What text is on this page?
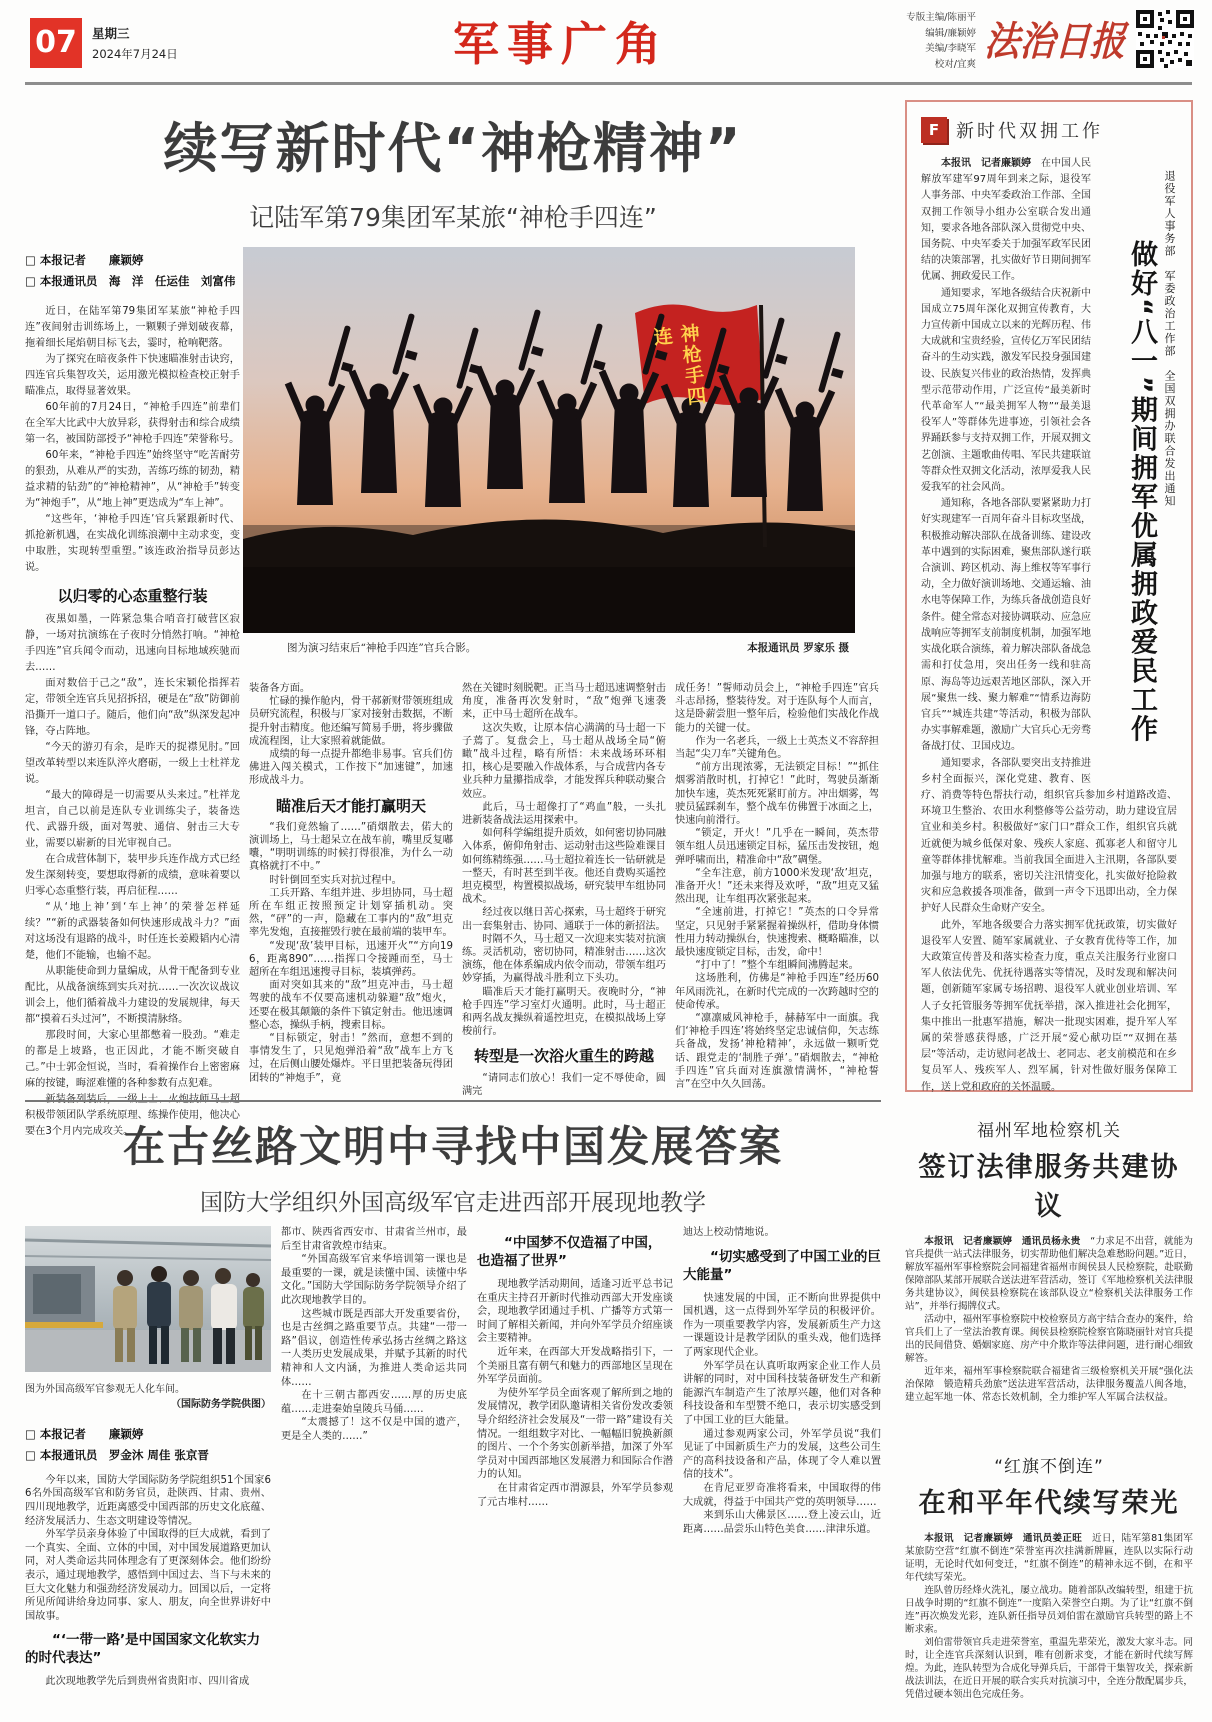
07	星期三
2024年7月24日	军事广角	专版主编/陈丽平

编辑/廉颖婷

美编/李晓军

校对/宜爽 法治日报
续写新时代“神枪精神”
记陆军第79集团军某旅“神枪手四连”
神枪手四连
图为演习结束后“神枪手四连”官兵合影。	本报通讯员 罗家乐 摄
□ 本报记者　　廉颖婷
□ 本报通讯员　海　洋　任运佳　刘富伟

近日，在陆军第79集团军某旅“神枪手四连”夜间射击训练场上，一颗颗子弹划破夜幕，拖着细长尾焰朝目标飞去，霎时，枪响靶落。

为了探究在暗夜条件下快速瞄准射击诀窍，四连官兵集智攻关，运用激光模拟检查校正射手瞄准点，取得显著效果。

60年前的7月24日，“神枪手四连”前辈们在全军大比武中大放异彩，获得射击和综合成绩第一名，被国防部授予“神枪手四连”荣誉称号。

60年来，“神枪手四连”始终坚守“吃苦耐劳的狠劲，从难从严的实劲，苦练巧练的韧劲，精益求精的钻劲”的“神枪精神”，从“神枪手”转变为“神炮手”，从“地上神”更迭成为“车上神”。

“这些年，‘神枪手四连’官兵紧跟新时代、抓抢新机遇，在实战化训练浪潮中主动求变，变中取胜，实现转型重塑。”该连政治指导员彭达说。

以归零的心态重整行装

夜黑如墨，一阵紧急集合哨音打破营区寂静，一场对抗演练在子夜时分悄然打响。“神枪手四连”官兵闻令而动，迅速向目标地域疾驰而去……

面对数倍于己之“敌”，连长宋颖伦指挥若定，带领全连官兵见招拆招，硬是在“敌”防御前沿撕开一道口子。随后，他们向“敌”纵深发起冲锋，夺占阵地。

“今天的游刃有余，是昨天的捉襟见肘。”回望改革转型以来连队淬火磨砺，一级上士杜祥龙说。

“最大的障碍是一切需要从头来过。”杜祥龙坦言，自己以前是连队专业训练尖子，装备迭代、武器升级，面对驾驶、通信、射击三大专业，需要以崭新的目光审视自己。

在合成营体制下，装甲步兵连作战方式已经发生深刻转变，要想取得新的成绩，意味着要以归零心态重整行装，再启征程……

“从‘地上神’到‘车上神’的荣誉怎样延续？”“新的武器装备如何快速形成战斗力？”面对这场没有退路的战斗，时任连长姜殿韬内心清楚，他们不能输，也输不起。

从职能使命到力量编成，从骨干配备到专业配比，从战备演练到实兵对抗……一次次议战议训会上，他们循着战斗力建设的发展规律，每天都“摸着石头过河”，不断摸清脉络。

那段时间，大家心里都憋着一股劲。“难走的都是上坡路，也正因此，才能不断突破自己。”中士郭金恒说，当时，看着操作台上密密麻麻的按键，晦涩难懂的各种参数有点犯难。

积极带领团队学系统原理、练操作使用，他决心要在3个月内完成攻关。

装备各方面。

忙碌的操作舱内，骨干郝新财带领班组成员研究流程，积极与厂家对接射击数据，不断提升射击精度。他还编写简易手册，将步骤做成流程图，让大家照着就能做。

成绩的每一点提升都绝非易事。官兵们仿佛进入闯关模式，工作按下“加速键”，加速形成战斗力。

瞄准后天才能打赢明天

“我们竟然输了……”硝烟散去，偌大的演训场上，马士超呆立在战车前，嘴里反复嘟囔，“明明训练的时候打得很准，为什么一动真格就打不中。”

时针倒回至实兵对抗过程中。

工兵开路、车组并进、步坦协同，马士超所在车组正按照预定计划穿插机动。突然，“砰”的一声，隐藏在工事内的“敌”坦克率先发炮，直接摧毁行驶在最前端的装甲车。

“发现‘敌’装甲目标，迅速开火”“方向196，距离890”……指挥口令接踵而至，马士超所在车组迅速搜寻目标，装填弹药。

面对突如其来的“敌”坦克冲击，马士超驾驶的战车不仅要高速机动躲避“敌”炮火，还要在极其颠簸的条件下镇定射击。他迅速调整心态，操纵手柄，搜索目标。

“目标锁定，射击！”然而，意想不到的事情发生了，只见炮弹沿着“敌”战车上方飞过，在后侧山腰处爆炸。平日里把装备玩得团团转的“神炮手”，竟

然在关键时刻脱靶。正当马士超迅速调整射击角度，准备再次发射时，“敌”炮弹飞速袭来，正中马士超所在战车。

这次失败，让原本信心满满的马士超一下子蔫了。复盘会上，马士超从战场全局“俯瞰”战斗过程，略有所悟：未来战场环环相扣，核心是要融入作战体系，与合成营内各专业兵种力量攥指成拳，才能发挥兵种联动聚合效应。

此后，马士超像打了“鸡血”般，一头扎进新装备战法运用探索中。

如何科学编组提升质效，如何密切协同融入体系，俯仰角射击、运动射击这些险难课目如何练精练强……马士超拉着连长一钻研就是一整天，有时甚至到半夜。他还自费购买遥控坦克模型，构置模拟战场，研究装甲车组协同战术。

经过夜以继日苦心探索，马士超终于研究出一套集射击、协同、通联于一体的新招法。

时隔不久，马士超又一次迎来实装对抗演练。灵活机动，密切协同，精准射击……这次演练，他在体系编成内依令而动，带领车组巧妙穿插，为赢得战斗胜利立下头功。

瞄准后天才能打赢明天。夜晚时分，“神枪手四连”学习室灯火通明。此时，马士超正和两名战友操纵着遥控坦克，在模拟战场上穿梭前行。

转型是一次浴火重生的跨越

“请同志们放心！我们一定不辱使命，圆满完

成任务！”誓师动员会上，“神枪手四连”官兵斗志昂扬，整装待发。对于连队每个人而言，这是卧薪尝胆一整年后，检验他们实战化作战能力的关键一仗。

作为一名老兵，一级上士英杰义不容辞担当起“尖刀车”关键角色。

“前方出现浓雾，无法锁定目标！”“抓住烟雾消散时机，打掉它！”此时，驾驶员渐渐加快车速，英杰死死紧盯前方。冲出烟雾，驾驶员猛踩刹车，整个战车仿佛置于冰面之上，快速向前滑行。

“锁定，开火！”几乎在一瞬间，英杰带领车组人员迅速锁定目标，猛压击发按钮，炮弹呼啸而出，精准命中“敌”碉堡。

“全车注意，前方1000米发现‘敌’坦克，准备开火！”还未来得及欢呼，“敌”坦克又猛然出现，让车组再次紧张起来。

“全速前进，打掉它！”英杰的口令异常坚定，只见射手紧紧握着操纵杆，借助身体惯性用力转动操纵台，快速搜索、概略瞄准，以最快速度锁定目标，击发，命中！

“打中了！”整个车组瞬间沸腾起来。

这场胜利，仿佛是“神枪手四连”经历60年风雨洗礼，在新时代完成的一次跨越时空的使命传承。

“凛凛威风神枪手，赫赫军中一面旗。我们‘神枪手四连’将始终坚定忠诚信仰，矢志练兵备战，发扬‘神枪精神’，永远做一颗听党话、跟党走的‘制胜子弹’。”硝烟散去，“神枪手四连”官兵面对连旗激情满怀，“神枪誓言”在空中久久回荡。

F 新时代双拥工作
退役军人事务部　军委政治工作部　全国双拥办联合发出通知
做好“八一”期间拥军优属拥政爱民工作

本报讯　记者廉颖婷　在中国人民解放军建军97周年到来之际，退役军人事务部、中央军委政治工作部、全国双拥工作领导小组办公室联合发出通知，要求各地各部队深入贯彻党中央、国务院、中央军委关于加强军政军民团结的决策部署，扎实做好节日期间拥军优属、拥政爱民工作。

通知要求，军地各级结合庆祝新中国成立75周年深化双拥宣传教育，大力宣传新中国成立以来的光辉历程、伟大成就和宝贵经验，宣传亿万军民团结奋斗的生动实践，激发军民投身强国建设、民族复兴伟业的政治热情，发挥典型示范带动作用，广泛宣传“最美新时代革命军人”“最美拥军人物”“最美退役军人”等群体先进事迹，引领社会各界踊跃参与支持双拥工作，开展双拥文艺创演、主题歌曲传唱、军民共建联谊等群众性双拥文化活动，浓厚爱我人民爱我军的社会风尚。

通知称，各地各部队要紧紧助力打好实现建军一百周年奋斗目标攻坚战，积极推动解决部队在战备训练、建设改革中遇到的实际困难，聚焦部队遂行联合演训、跨区机动、海上维权等军事行动，全力做好演训场地、交通运输、油水电等保障工作，为练兵备战创造良好条件。健全常态对接协调联动、应急应战响应等拥军支前制度机制，加强军地实战化联合演练，着力解决部队备战急需和打仗急用，突出任务一线和驻高原、海岛等边远艰苦地区部队，深入开展“聚焦一线、聚力解难”“情系边海防官兵”“城连共建”等活动，积极为部队办实事解难题，激励广大官兵心无旁骛备战打仗、卫国戍边。

通知要求，各部队要突出支持推进乡村全面振兴，深化党建、教育、医疗、消费等特色帮扶行动，组织官兵参加乡村道路改造、环境卫生整治、农田水利整修等公益劳动，助力建设宜居宜业和美乡村。积极做好“家门口”群众工作，组织官兵就近就便为城乡低保对象、残疾人家庭、孤寡老人和留守儿童等群体排忧解难。当前我国全面进入主汛期，各部队要加强与地方的联系，密切关注汛情变化，扎实做好抢险救灾和应急救援各项准备，做到一声令下迅即出动，全力保护好人民群众生命财产安全。

此外，军地各级要合力落实拥军优抚政策，切实做好退役军人安置、随军家属就业、子女教育优待等工作，加大政策宣传普及和落实检查力度，重点关注服务行业窗口军人依法优先、优抚待遇落实等情况，及时发现和解决问题，创新随军家属专场招聘、退役军人就业创业培训、军人子女托管服务等拥军优抚举措，深入推进社会化拥军，集中推出一批惠军措施，解决一批现实困难，提升军人军属的荣誉感获得感，广泛开展“爱心献功臣”“双拥在基层”等活动，走访慰问老战士、老同志、老支前模范和在乡复员军人、残疾军人、烈军属，针对性做好服务保障工作，送上党和政府的关怀温暖。

在古丝路文明中寻找中国发展答案
国防大学组织外国高级军官走进西部开展现地教学
图为外国高级军官参观无人化车间。
（国际防务学院供图）
□ 本报记者　　廉颖婷
□ 本报通讯员　罗金沐 周佳 张京晋

今年以来，国防大学国际防务学院组织51个国家66名外国高级军官和防务官员，赴陕西、甘肃、贵州、四川现地教学，近距离感受中国西部的历史文化底蕴、经济发展活力、生态文明建设等情况。

外军学员亲身体验了中国取得的巨大成就，看到了一个真实、全面、立体的中国，对中国发展道路更加认同，对人类命运共同体理念有了更深刻体会。他们纷纷表示，通过现地教学，感悟到中国过去、当下与未来的巨大文化魅力和强劲经济发展动力。回国以后，一定将所见所闻讲给身边同事、家人、朋友，向全世界讲好中国故事。

“‘一带一路’是中国国家文化软实力的时代表达”

此次现地教学先后到贵州省贵阳市、四川省成

都市、陕西省西安市、甘肃省兰州市，最后至甘肃省敦煌市结束。

“外国高级军官来华培训第一课也是最重要的一课，就是读懂中国、读懂中华文化。”国防大学国际防务学院领导介绍了此次现地教学目的。

这些城市既是西部大开发重要省份，也是古丝绸之路重要节点。共建“一带一路”倡议，创造性传承弘扬古丝绸之路这一人类历史发展成果，并赋予其新的时代精神和人文内涵，为推进人类命运共同体……

在十三朝古都西安……厚的历史底蕴……走进秦始皇陵兵马俑……

“太震撼了！这不仅是中国的遗产，更是全人类的……”

“中国梦不仅造福了中国，也造福了世界”

现地教学活动期间，适逢习近平总书记在重庆主持召开新时代推动西部大开发座谈会，现地教学团通过手机、广播等方式第一时间了解相关新闻，并向外军学员介绍座谈会主要精神。

近年来，在西部大开发战略指引下，一个美丽且富有朝气和魅力的西部地区呈现在外军学员面前。

为使外军学员全面客观了解所到之地的发展情况，教学团队邀请相关省份发改委领导介绍经济社会发展及“一带一路”建设有关情况。一组组数字对比、一幅幅旧貌换新颜的图片、一个个务实创新举措，加深了外军学员对中国西部地区发展潜力和国际合作潜力的认知。

在甘肃省定西市渭源县，外军学员参观了元古堆村……

迪达上校动情地说。

“切实感受到了中国工业的巨大能量”

快速发展的中国，正不断向世界提供中国机遇，这一点得到外军学员的积极评价。作为一项重要教学内容，发展新质生产力这一课题设计是教学团队的重头戏，他们选择了两家现代企业。

外军学员在认真听取两家企业工作人员讲解的同时，对中国科技装备研发生产和新能源汽车制造产生了浓厚兴趣，他们对各种科技设备和车型赞不绝口，表示切实感受到了中国工业的巨大能量。

通过参观两家公司，外军学员说“我们见证了中国新质生产力的发展，这些公司生产的高科技设备和产品，体现了令人难以置信的技术”。

在肯尼亚罗奇准将看来，中国取得的伟大成就，得益于中国共产党的英明领导……

来到乐山大佛景区……登上凌云山，近距离……品尝乐山特色美食……津津乐道。

福州军地检察机关
签订法律服务共建协议

本报讯　记者廉颖婷　通讯员杨永贵　“力求足不出营，就能为官兵提供一站式法律服务，切实帮助他们解决急难愁盼问题。”近日，解放军福州军事检察院会同福建省福州市闽侯县人民检察院，赴联勤保障部队某部开展联合送法进军营活动，签订《军地检察机关法律服务共建协议》，闽侯县检察院在该部队设立“检察机关法律服务工作站”，并举行揭牌仪式。

活动中，福州军事检察院中校检察员方高宇结合查办的案件，给官兵们上了一堂法治教育课。闽侯县检察院检察官陈晓丽针对官兵提出的民间借贷、婚姻家庭、房产中介欺诈等法律问题，进行耐心细致解答。

近年来，福州军事检察院联合福建省三级检察机关开展“强化法治保障　锻造精兵劲旅”送法进军营活动，法律服务覆盖八闽各地，建立起军地一体、常态长效机制，全力维护军人军属合法权益。

“红旗不倒连”
在和平年代续写荣光

本报讯　记者廉颖婷　通讯员姜正旺　近日，陆军第81集团军某旅防空营“红旗不倒连”荣誉室再次挂满新牌匾，连队以实际行动证明，无论时代如何变迁，“红旗不倒连”的精神永远不倒，在和平年代续写荣光。

连队曾历经烽火洗礼，屡立战功。随着部队改编转型，组建于抗日战争时期的“红旗不倒连”一度陷入荣誉空白期。为了让“红旗不倒连”再次焕发光彩，连队新任指导员刘伯雷在激励官兵转型的路上不断求索。

刘伯雷带领官兵走进荣誉室，重温先辈荣光，激发大家斗志。同时，让全连官兵深刻认识到，唯有创新求变，才能在新时代续写辉煌。为此，连队转型为合成化导弹兵后，干部骨干集智攻关，探索新战法训法，在近日开展的联合实兵对抗演习中，全连分散配属步兵，凭借过硬本领出色完成任务。
